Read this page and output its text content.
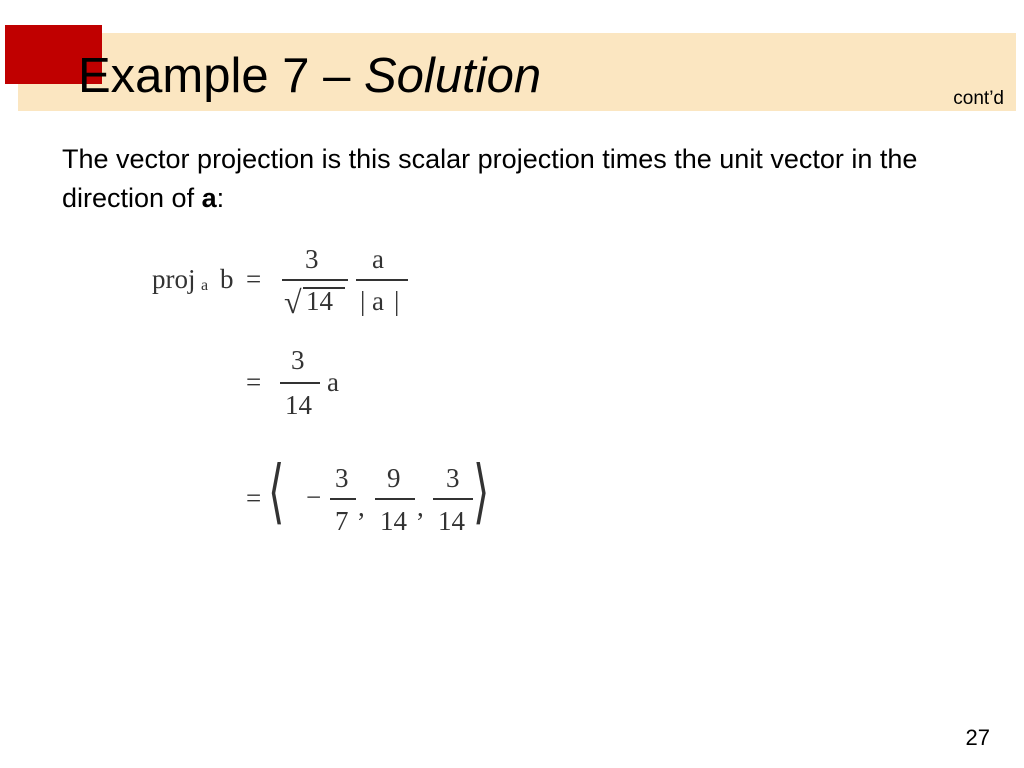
Example 7 – Solution	cont’d
The vector projection is this scalar projection times the unit vector in the direction of a:
proj a b =
3
√ 14
a
| a |
=
3
14
a
= ⟨ −
3
7 ,
9
14 ,
3
14 ⟩
27
